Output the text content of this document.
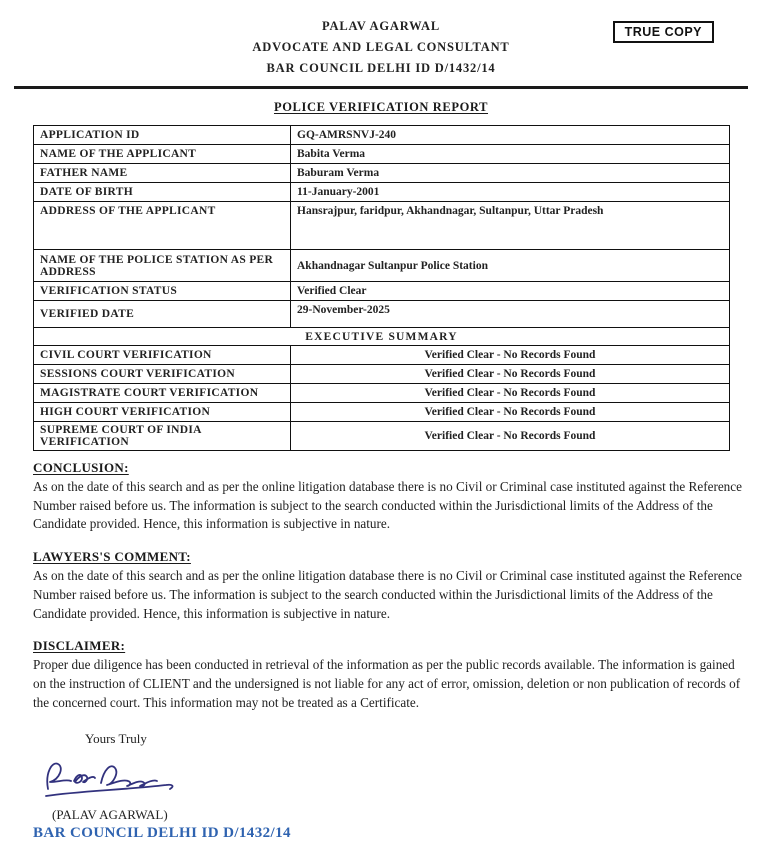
PALAV AGARWAL
ADVOCATE AND LEGAL CONSULTANT
BAR COUNCIL DELHI ID D/1432/14
TRUE COPY
POLICE VERIFICATION REPORT
APPLICATION ID	GQ-AMRSNVJ-240
NAME OF THE APPLICANT	Babita Verma
FATHER NAME	Baburam Verma
DATE OF BIRTH	11-January-2001
ADDRESS OF THE APPLICANT	Hansrajpur, faridpur, Akhandnagar, Sultanpur, Uttar Pradesh
NAME OF THE POLICE STATION AS PER ADDRESS	Akhandnagar Sultanpur Police Station
VERIFICATION STATUS	Verified Clear
VERIFIED DATE	29-November-2025
EXECUTIVE SUMMARY	
CIVIL COURT VERIFICATION	Verified Clear - No Records Found
SESSIONS COURT VERIFICATION	Verified Clear - No Records Found
MAGISTRATE COURT VERIFICATION	Verified Clear - No Records Found
HIGH COURT VERIFICATION	Verified Clear - No Records Found
SUPREME COURT OF INDIA VERIFICATION	Verified Clear - No Records Found
CONCLUSION:
As on the date of this search and as per the online litigation database there is no Civil or Criminal case instituted against the Reference Number raised before us. The information is subject to the search conducted within the Jurisdictional limits of the Address of the Candidate provided. Hence, this information is subjective in nature.
LAWYERS'S COMMENT:
As on the date of this search and as per the online litigation database there is no Civil or Criminal case instituted against the Reference Number raised before us. The information is subject to the search conducted within the Jurisdictional limits of the Address of the Candidate provided. Hence, this information is subjective in nature.
DISCLAIMER:
Proper due diligence has been conducted in retrieval of the information as per the public records available. The information is gained on the instruction of CLIENT and the undersigned is not liable for any act of error, omission, deletion or non publication of records of the concerned court. This information may not be treated as a Certificate.
Yours Truly
(PALAV AGARWAL)
BAR COUNCIL DELHI ID D/1432/14
